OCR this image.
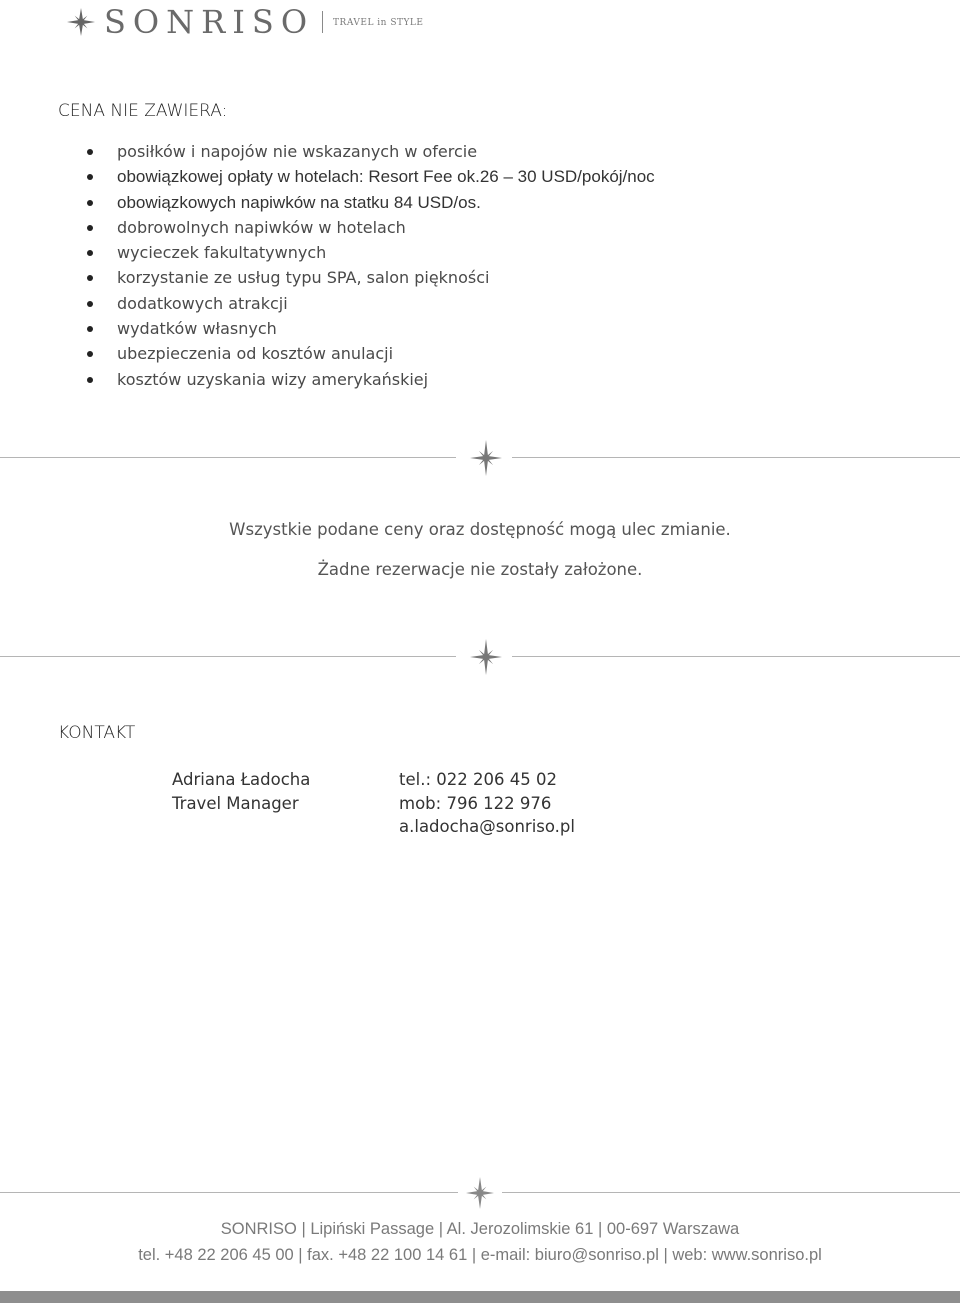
SONRISO TRAVEL in STYLE
CENA NIE ZAWIERA:
posiłków i napojów nie wskazanych w ofercie
obowiązkowej opłaty w hotelach: Resort Fee ok.26 – 30 USD/pokój/noc
obowiązkowych napiwków na statku 84 USD/os.
dobrowolnych napiwków w hotelach
wycieczek fakultatywnych
korzystanie ze usług typu SPA, salon piękności
dodatkowych atrakcji
wydatków własnych
ubezpieczenia od kosztów anulacji
kosztów uzyskania wizy amerykańskiej
Wszystkie podane ceny oraz dostępność mogą ulec zmianie.
Żadne rezerwacje nie zostały założone.
KONTAKT
Adriana Ładocha
Travel Manager
tel.: 022 206 45 02
mob: 796 122 976
a.ladocha@sonriso.pl
SONRISO | Lipiński Passage | Al. Jerozolimskie 61 | 00-697 Warszawa
tel. +48 22 206 45 00 | fax. +48 22 100 14 61 | e-mail: biuro@sonriso.pl | web: www.sonriso.pl
